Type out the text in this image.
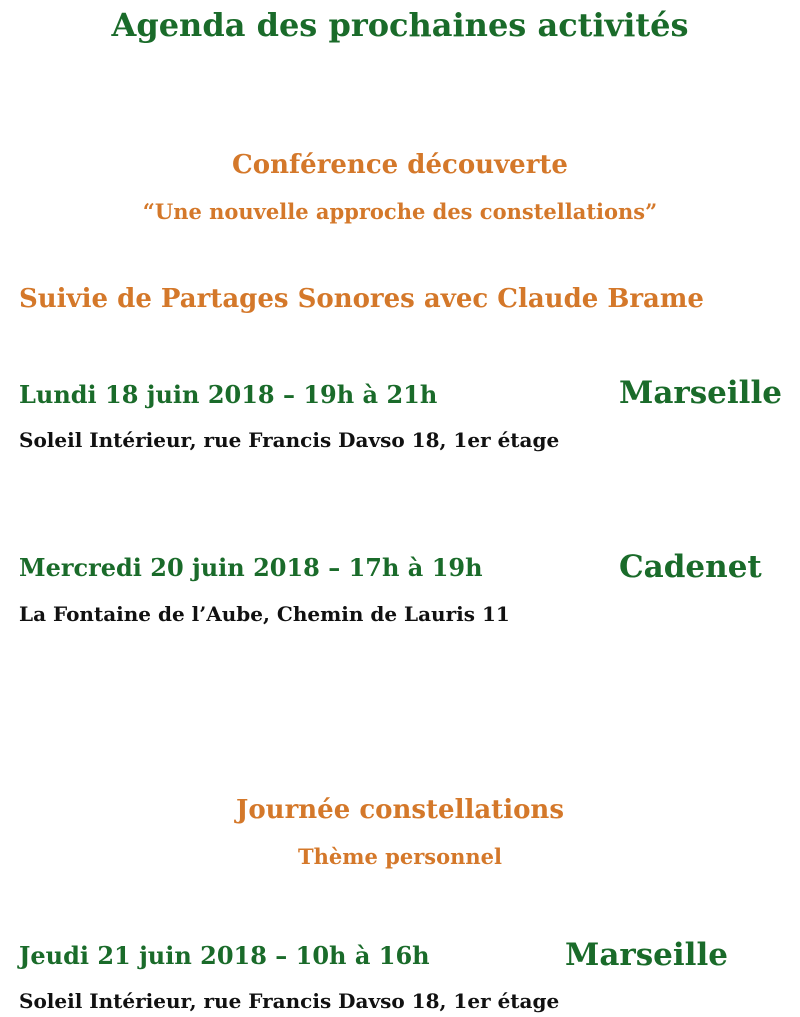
Agenda des prochaines activités
Conférence découverte
“Une nouvelle approche des constellations”
Suivie de Partages Sonores avec Claude Brame
Lundi 18 juin 2018 – 19h à 21h	Marseille
Soleil Intérieur, rue Francis Davso 18, 1er étage
Mercredi 20 juin 2018 – 17h à 19h	Cadenet
La Fontaine de l’Aube, Chemin de Lauris 11
Journée constellations
Thème personnel
Jeudi 21 juin 2018 – 10h à 16h	Marseille
Soleil Intérieur, rue Francis Davso 18, 1er étage
